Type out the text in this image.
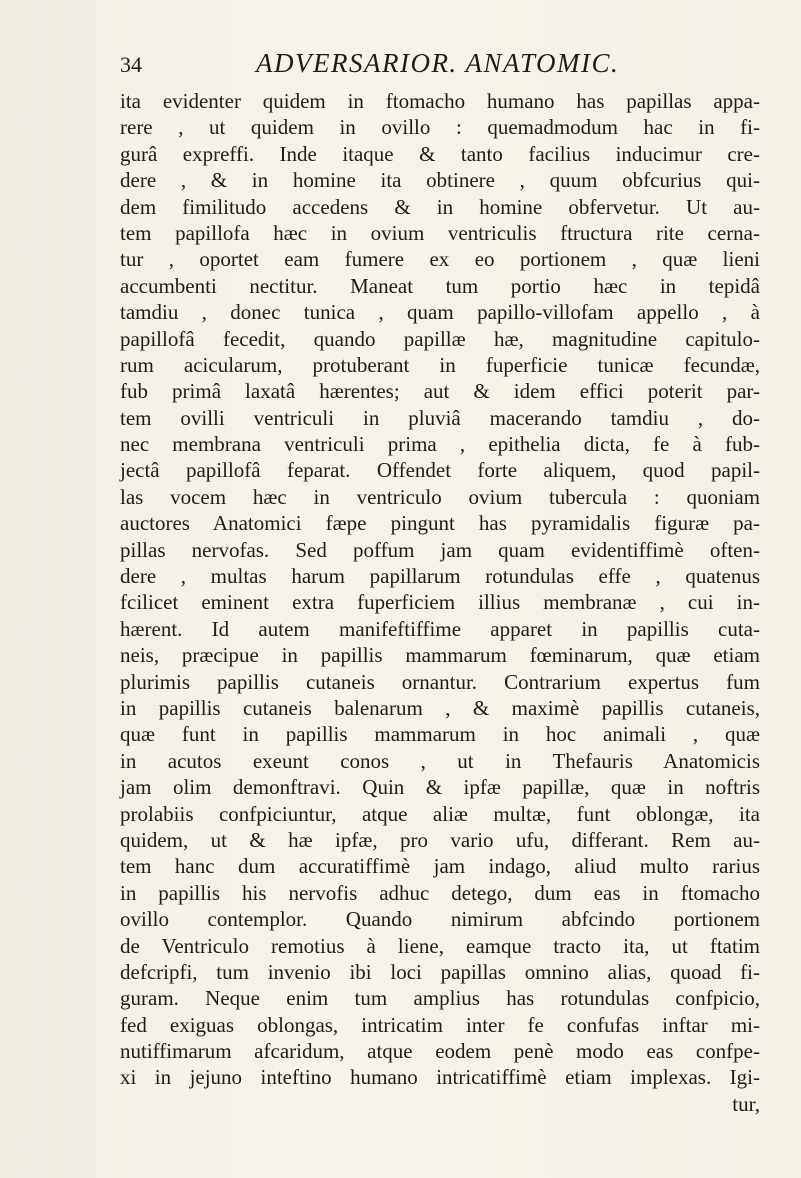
34	ADVERSARIOR. ANATOMIC.
ita evidenter quidem in ftomacho humano has papillas appa-
rere , ut quidem in ovillo : quemadmodum hac in fi-
gurâ expreffi. Inde itaque & tanto facilius inducimur cre-
dere , & in homine ita obtinere , quum obfcurius qui-
dem fimilitudo accedens & in homine obfervetur. Ut au-
tem papillofa hæc in ovium ventriculis ftructura rite cerna-
tur , oportet eam fumere ex eo portionem , quæ lieni
accumbenti nectitur. Maneat tum portio hæc in tepidâ
tamdiu , donec tunica , quam papillo-villofam appello , à
papillofâ fecedit, quando papillæ hæ, magnitudine capitulo-
rum acicularum, protuberant in fuperficie tunicæ fecundæ,
fub primâ laxatâ hærentes; aut & idem effici poterit par-
tem ovilli ventriculi in pluviâ macerando tamdiu , do-
nec membrana ventriculi prima , epithelia dicta, fe à fub-
jectâ papillofâ feparat. Offendet forte aliquem, quod papil-
las vocem hæc in ventriculo ovium tubercula : quoniam
auctores Anatomici fæpe pingunt has pyramidalis figuræ pa-
pillas nervofas. Sed poffum jam quam evidentiffimè often-
dere , multas harum papillarum rotundulas effe , quatenus
fcilicet eminent extra fuperficiem illius membranæ , cui in-
hærent. Id autem manifeftiffime apparet in papillis cuta-
neis, præcipue in papillis mammarum fœminarum, quæ etiam
plurimis papillis cutaneis ornantur. Contrarium expertus fum
in papillis cutaneis balenarum , & maximè papillis cutaneis,
quæ funt in papillis mammarum in hoc animali , quæ
in acutos exeunt conos , ut in Thefauris Anatomicis
jam olim demonftravi. Quin & ipfæ papillæ, quæ in noftris
prolabiis confpiciuntur, atque aliæ multæ, funt oblongæ, ita
quidem, ut & hæ ipfæ, pro vario ufu, differant. Rem au-
tem hanc dum accuratiffimè jam indago, aliud multo rarius
in papillis his nervofis adhuc detego, dum eas in ftomacho
ovillo contemplor. Quando nimirum abfcindo portionem
de Ventriculo remotius à liene, eamque tracto ita, ut ftatim
defcripfi, tum invenio ibi loci papillas omnino alias, quoad fi-
guram. Neque enim tum amplius has rotundulas confpicio,
fed exiguas oblongas, intricatim inter fe confufas inftar mi-
nutiffimarum afcaridum, atque eodem penè modo eas confpe-
xi in jejuno inteftino humano intricatiffimè etiam implexas. Igi-
tur,
